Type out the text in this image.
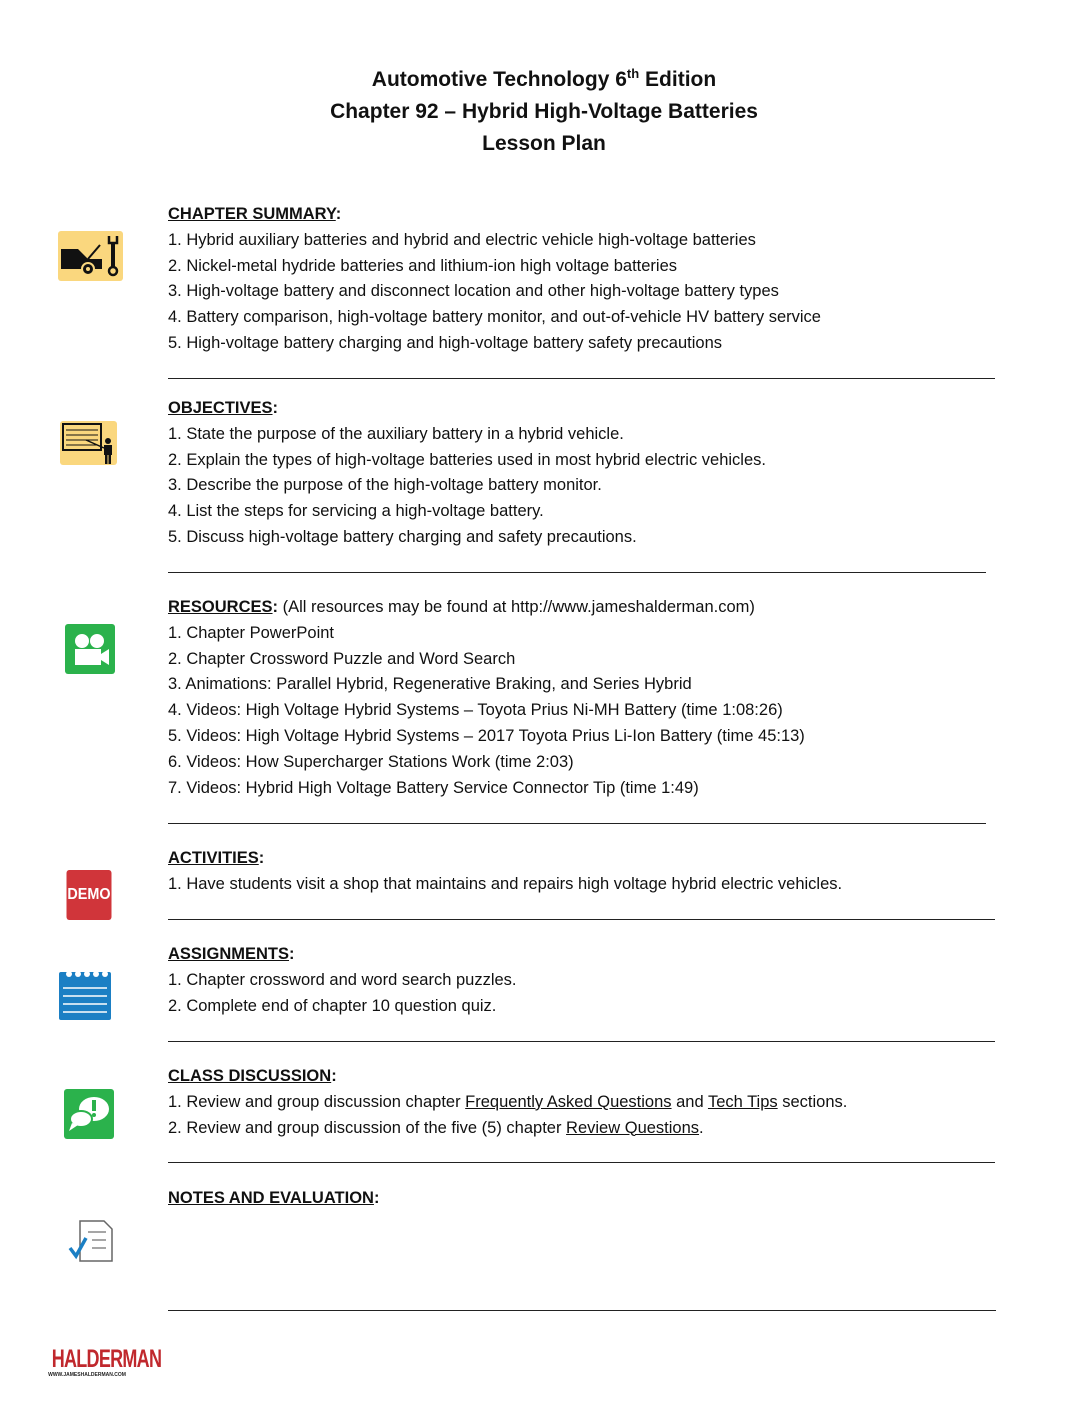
Automotive Technology 6th Edition
Chapter 92 – Hybrid High-Voltage Batteries
Lesson Plan
CHAPTER SUMMARY:
1. Hybrid auxiliary batteries and hybrid and electric vehicle high-voltage batteries
2. Nickel-metal hydride batteries and lithium-ion high voltage batteries
3. High-voltage battery and disconnect location and other high-voltage battery types
4. Battery comparison, high-voltage battery monitor, and out-of-vehicle HV battery service
5. High-voltage battery charging and high-voltage battery safety precautions
OBJECTIVES:
1. State the purpose of the auxiliary battery in a hybrid vehicle.
2. Explain the types of high-voltage batteries used in most hybrid electric vehicles.
3. Describe the purpose of the high-voltage battery monitor.
4. List the steps for servicing a high-voltage battery.
5. Discuss high-voltage battery charging and safety precautions.
RESOURCES: (All resources may be found at http://www.jameshalderman.com)
1. Chapter PowerPoint
2. Chapter Crossword Puzzle and Word Search
3. Animations: Parallel Hybrid, Regenerative Braking, and Series Hybrid
4. Videos: High Voltage Hybrid Systems – Toyota Prius Ni-MH Battery (time 1:08:26)
5. Videos: High Voltage Hybrid Systems – 2017 Toyota Prius Li-Ion Battery (time 45:13)
6. Videos: How Supercharger Stations Work (time 2:03)
7. Videos: Hybrid High Voltage Battery Service Connector Tip (time 1:49)
DEMO
ACTIVITIES:
1. Have students visit a shop that maintains and repairs high voltage hybrid electric vehicles.
ASSIGNMENTS:
1. Chapter crossword and word search puzzles.
2. Complete end of chapter 10 question quiz.
CLASS DISCUSSION:
1. Review and group discussion chapter Frequently Asked Questions and Tech Tips sections.
2. Review and group discussion of the five (5) chapter Review Questions.
NOTES AND EVALUATION:
HALDERMAN
WWW.JAMESHALDERMAN.COM
